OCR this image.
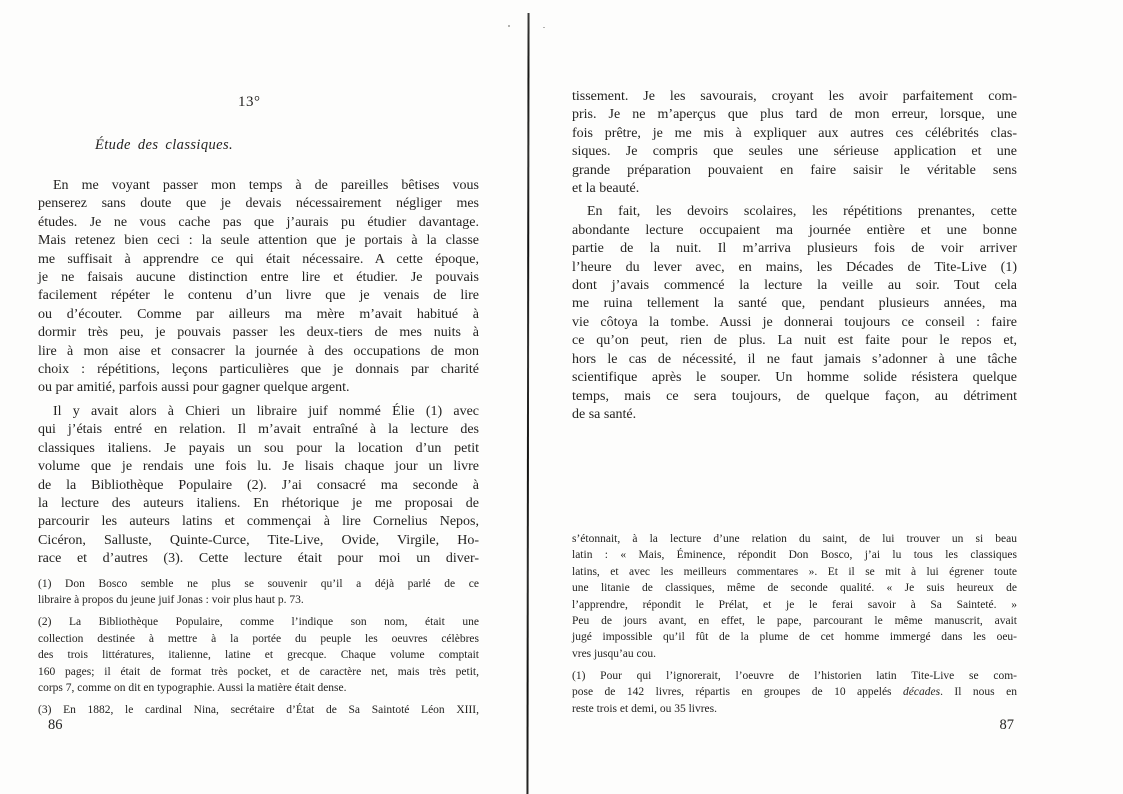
13°
Étude des classiques.
En me voyant passer mon temps à de pareilles bêtises vous
penserez sans doute que je devais nécessairement négliger mes
études. Je ne vous cache pas que j’aurais pu étudier davantage.
Mais retenez bien ceci : la seule attention que je portais à la classe
me suffisait à apprendre ce qui était nécessaire. A cette époque,
je ne faisais aucune distinction entre lire et étudier. Je pouvais
facilement répéter le contenu d’un livre que je venais de lire
ou d’écouter. Comme par ailleurs ma mère m’avait habitué à
dormir très peu, je pouvais passer les deux-tiers de mes nuits à
lire à mon aise et consacrer la journée à des occupations de mon
choix : répétitions, leçons particulières que je donnais par charité
ou par amitié, parfois aussi pour gagner quelque argent.
Il y avait alors à Chieri un libraire juif nommé Élie (1) avec
qui j’étais entré en relation. Il m’avait entraîné à la lecture des
classiques italiens. Je payais un sou pour la location d’un petit
volume que je rendais une fois lu. Je lisais chaque jour un livre
de la Bibliothèque Populaire (2). J’ai consacré ma seconde à
la lecture des auteurs italiens. En rhétorique je me proposai de
parcourir les auteurs latins et commençai à lire Cornelius Nepos,
Cicéron, Salluste, Quinte-Curce, Tite-Live, Ovide, Virgile, Ho-
race et d’autres (3). Cette lecture était pour moi un diver-
(1) Don Bosco semble ne plus se souvenir qu’il a déjà parlé de ce
libraire à propos du jeune juif Jonas : voir plus haut p. 73.
(2) La Bibliothèque Populaire, comme l’indique son nom, était une
collection destinée à mettre à la portée du peuple les oeuvres célèbres
des trois littératures, italienne, latine et grecque. Chaque volume comptait
160 pages; il était de format très pocket, et de caractère net, mais très petit,
corps 7, comme on dit en typographie. Aussi la matière était dense.
(3) En 1882, le cardinal Nina, secrétaire d’État de Sa Saintoté Léon XIII,
86
tissement. Je les savourais, croyant les avoir parfaitement com-
pris. Je ne m’aperçus que plus tard de mon erreur, lorsque, une
fois prêtre, je me mis à expliquer aux autres ces célébrités clas-
siques. Je compris que seules une sérieuse application et une
grande préparation pouvaient en faire saisir le véritable sens
et la beauté.
En fait, les devoirs scolaires, les répétitions prenantes, cette
abondante lecture occupaient ma journée entière et une bonne
partie de la nuit. Il m’arriva plusieurs fois de voir arriver
l’heure du lever avec, en mains, les Décades de Tite-Live (1)
dont j’avais commencé la lecture la veille au soir. Tout cela
me ruina tellement la santé que, pendant plusieurs années, ma
vie côtoya la tombe. Aussi je donnerai toujours ce conseil : faire
ce qu’on peut, rien de plus. La nuit est faite pour le repos et,
hors le cas de nécessité, il ne faut jamais s’adonner à une tâche
scientifique après le souper. Un homme solide résistera quelque
temps, mais ce sera toujours, de quelque façon, au détriment
de sa santé.
s’étonnait, à la lecture d’une relation du saint, de lui trouver un si beau
latin : « Mais, Éminence, répondit Don Bosco, j’ai lu tous les classiques
latins, et avec les meilleurs commentares ». Et il se mit à lui égrener toute
une litanie de classiques, même de seconde qualité. « Je suis heureux de
l’apprendre, répondit le Prélat, et je le ferai savoir à Sa Sainteté. »
Peu de jours avant, en effet, le pape, parcourant le même manuscrit, avait
jugé impossible qu’il fût de la plume de cet homme immergé dans les oeu-
vres jusqu’au cou.
(1) Pour qui l’ignorerait, l’oeuvre de l’historien latin Tite-Live se com-
pose de 142 livres, répartis en groupes de 10 appelés décades. Il nous en
reste trois et demi, ou 35 livres.
87
